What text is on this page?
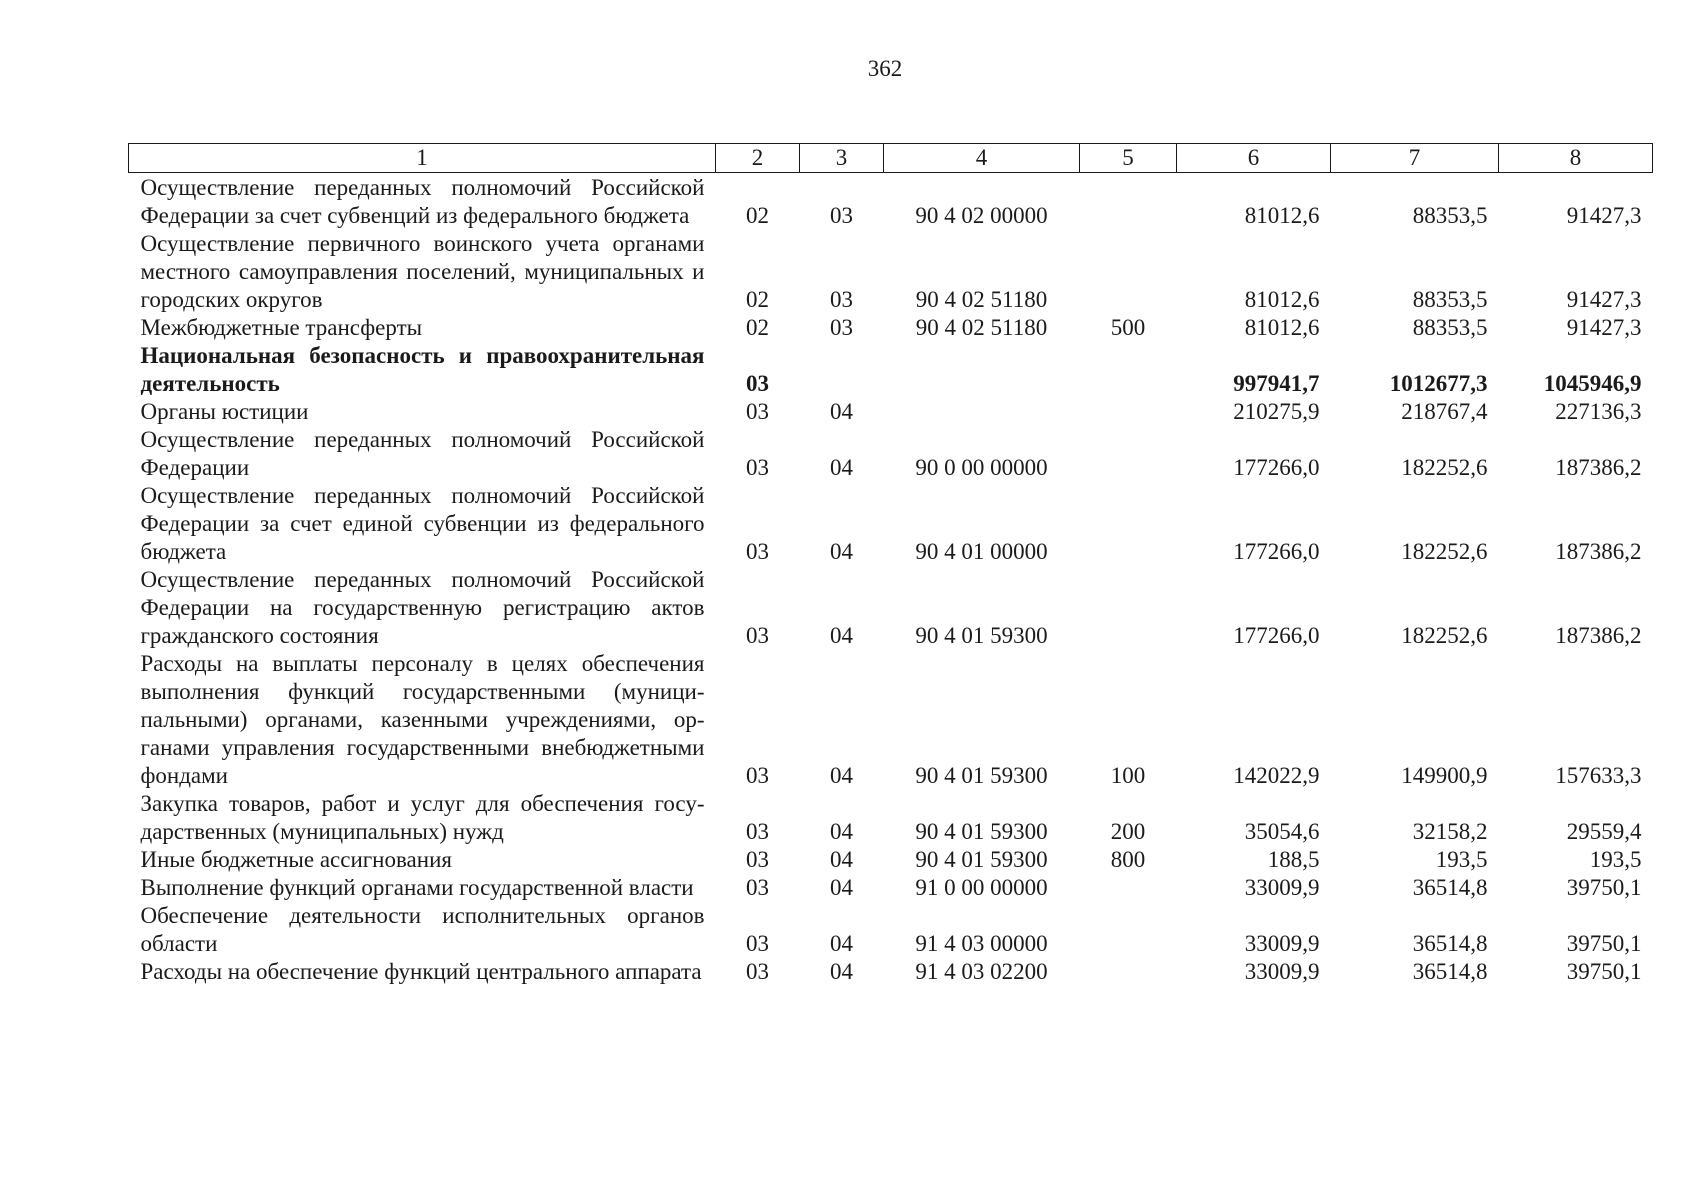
362
1	2	3	4	5	6	7	8
Осуществление переданных полномочий Российской Федерации за счет субвенций из федерального бюджета	02	03	90 4 02 00000		81012,6	88353,5	91427,3
Осуществление первичного воинского учета органами местного самоуправления поселений, муниципальных и городских округов	02	03	90 4 02 51180		81012,6	88353,5	91427,3
Межбюджетные трансферты	02	03	90 4 02 51180	500	81012,6	88353,5	91427,3
Национальная безопасность и правоохранительная деятельность	03				997941,7	1012677,3	1045946,9
Органы юстиции	03	04			210275,9	218767,4	227136,3
Осуществление переданных полномочий Российской Федерации	03	04	90 0 00 00000		177266,0	182252,6	187386,2
Осуществление переданных полномочий Российской Федерации за счет единой субвенции из федерального бюджета	03	04	90 4 01 00000		177266,0	182252,6	187386,2
Осуществление переданных полномочий Российской Федерации на государственную регистрацию актов гражданского состояния	03	04	90 4 01 59300		177266,0	182252,6	187386,2
Расходы на выплаты персоналу в целях обеспечения выполнения функций государственными (муниципальными) органами, казенными учреждениями, органами управления государственными внебюджетными фондами	03	04	90 4 01 59300	100	142022,9	149900,9	157633,3
Закупка товаров, работ и услуг для обеспечения государственных (муниципальных) нужд	03	04	90 4 01 59300	200	35054,6	32158,2	29559,4
Иные бюджетные ассигнования	03	04	90 4 01 59300	800	188,5	193,5	193,5
Выполнение функций органами государственной власти	03	04	91 0 00 00000		33009,9	36514,8	39750,1
Обеспечение деятельности исполнительных органов области	03	04	91 4 03 00000		33009,9	36514,8	39750,1
Расходы на обеспечение функций центрального аппарата	03	04	91 4 03 02200		33009,9	36514,8	39750,1
